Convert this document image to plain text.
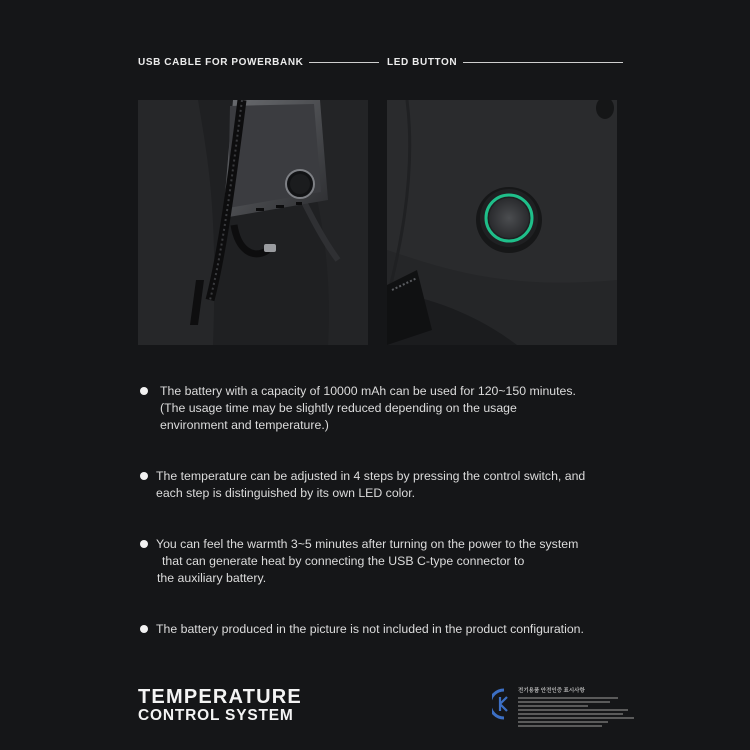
USB CABLE FOR POWERBANK	LED BUTTON
The battery with a capacity of 10000 mAh can be used for 120~150 minutes.
(The usage time may be slightly reduced depending on the usage
environment and temperature.)
The temperature can be adjusted in 4 steps by pressing the control switch, and
each step is distinguished by its own LED color.
You can feel the warmth 3~5 minutes after turning on the power to the system
that can generate heat by connecting the USB C-type connector to
the auxiliary battery.
The battery produced in the picture is not included in the product configuration.
TEMPERATURE
CONTROL SYSTEM
전기용품 안전인증 표시사항
